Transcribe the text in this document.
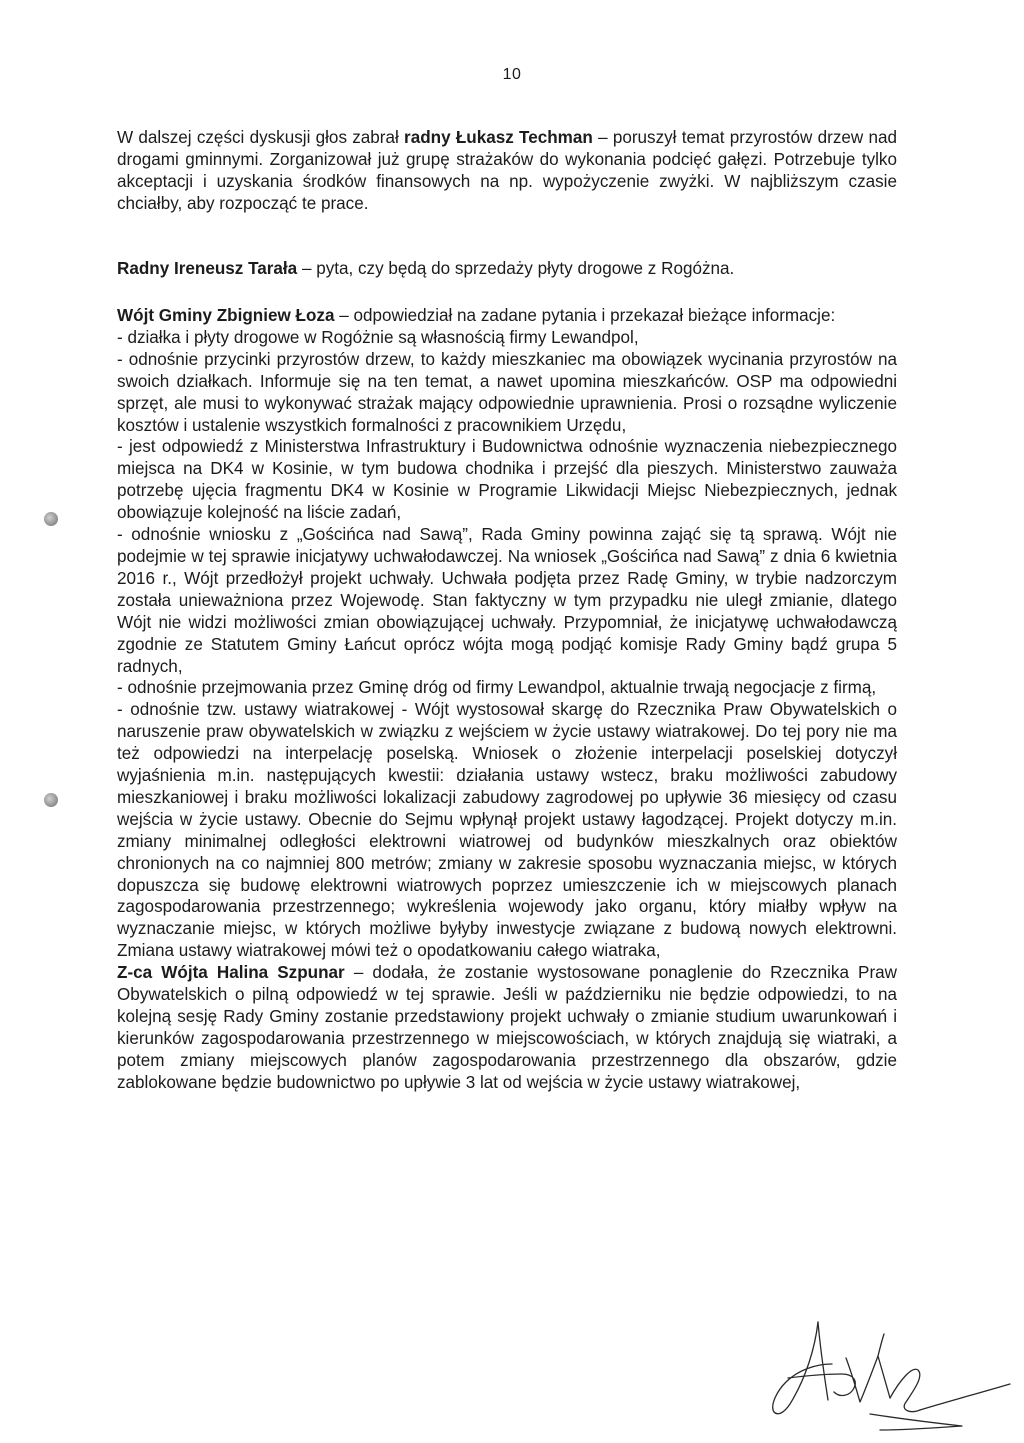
10

W dalszej części dyskusji głos zabrał radny Łukasz Techman – poruszył temat przyrostów drzew nad drogami gminnymi. Zorganizował już grupę strażaków do wykonania podcięć gałęzi. Potrzebuje tylko akceptacji i uzyskania środków finansowych na np. wypożyczenie zwyżki. W najbliższym czasie chciałby, aby rozpocząć te prace.

Radny Ireneusz Tarała – pyta, czy będą do sprzedaży płyty drogowe z Rogóżna.

Wójt Gminy Zbigniew Łoza – odpowiedział na zadane pytania i przekazał bieżące informacje:

- działka i płyty drogowe w Rogóżnie są własnością firmy Lewandpol,

- odnośnie przycinki przyrostów drzew, to każdy mieszkaniec ma obowiązek wycinania przyrostów na swoich działkach. Informuje się na ten temat, a nawet upomina mieszkańców. OSP ma odpowiedni sprzęt, ale musi to wykonywać strażak mający odpowiednie uprawnienia. Prosi o rozsądne wyliczenie kosztów i ustalenie wszystkich formalności z pracownikiem Urzędu,

- jest odpowiedź z Ministerstwa Infrastruktury i Budownictwa odnośnie wyznaczenia niebezpiecznego miejsca na DK4 w Kosinie, w tym budowa chodnika i przejść dla pieszych. Ministerstwo zauważa potrzebę ujęcia fragmentu DK4 w Kosinie w Programie Likwidacji Miejsc Niebezpiecznych, jednak obowiązuje kolejność na liście zadań,

- odnośnie wniosku z „Gościńca nad Sawą”, Rada Gminy powinna zająć się tą sprawą. Wójt nie podejmie w tej sprawie inicjatywy uchwałodawczej. Na wniosek „Gościńca nad Sawą” z dnia 6 kwietnia 2016 r., Wójt przedłożył projekt uchwały. Uchwała podjęta przez Radę Gminy, w trybie nadzorczym została unieważniona przez Wojewodę. Stan faktyczny w tym przypadku nie uległ zmianie, dlatego Wójt nie widzi możliwości zmian obowiązującej uchwały. Przypomniał, że inicjatywę uchwałodawczą zgodnie ze Statutem Gminy Łańcut oprócz wójta mogą podjąć komisje Rady Gminy bądź grupa 5 radnych,

- odnośnie przejmowania przez Gminę dróg od firmy Lewandpol, aktualnie trwają negocjacje z firmą,

- odnośnie tzw. ustawy wiatrakowej - Wójt wystosował skargę do Rzecznika Praw Obywatelskich o naruszenie praw obywatelskich w związku z wejściem w życie ustawy wiatrakowej. Do tej pory nie ma też odpowiedzi na interpelację poselską. Wniosek o złożenie interpelacji poselskiej dotyczył wyjaśnienia m.in. następujących kwestii: działania ustawy wstecz, braku możliwości zabudowy mieszkaniowej i braku możliwości lokalizacji zabudowy zagrodowej po upływie 36 miesięcy od czasu wejścia w życie ustawy. Obecnie do Sejmu wpłynął projekt ustawy łagodzącej. Projekt dotyczy m.in. zmiany minimalnej odległości elektrowni wiatrowej od budynków mieszkalnych oraz obiektów chronionych na co najmniej 800 metrów; zmiany w zakresie sposobu wyznaczania miejsc, w których dopuszcza się budowę elektrowni wiatrowych poprzez umieszczenie ich w miejscowych planach zagospodarowania przestrzennego; wykreślenia wojewody jako organu, który miałby wpływ na wyznaczanie miejsc, w których możliwe byłyby inwestycje związane z budową nowych elektrowni. Zmiana ustawy wiatrakowej mówi też o opodatkowaniu całego wiatraka,

Z-ca Wójta Halina Szpunar – dodała, że zostanie wystosowane ponaglenie do Rzecznika Praw Obywatelskich o pilną odpowiedź w tej sprawie. Jeśli w październiku nie będzie odpowiedzi, to na kolejną sesję Rady Gminy zostanie przedstawiony projekt uchwały o zmianie studium uwarunkowań i kierunków zagospodarowania przestrzennego w miejscowościach, w których znajdują się wiatraki, a potem zmiany miejscowych planów zagospodarowania przestrzennego dla obszarów, gdzie zablokowane będzie budownictwo po upływie 3 lat od wejścia w życie ustawy wiatrakowej,
